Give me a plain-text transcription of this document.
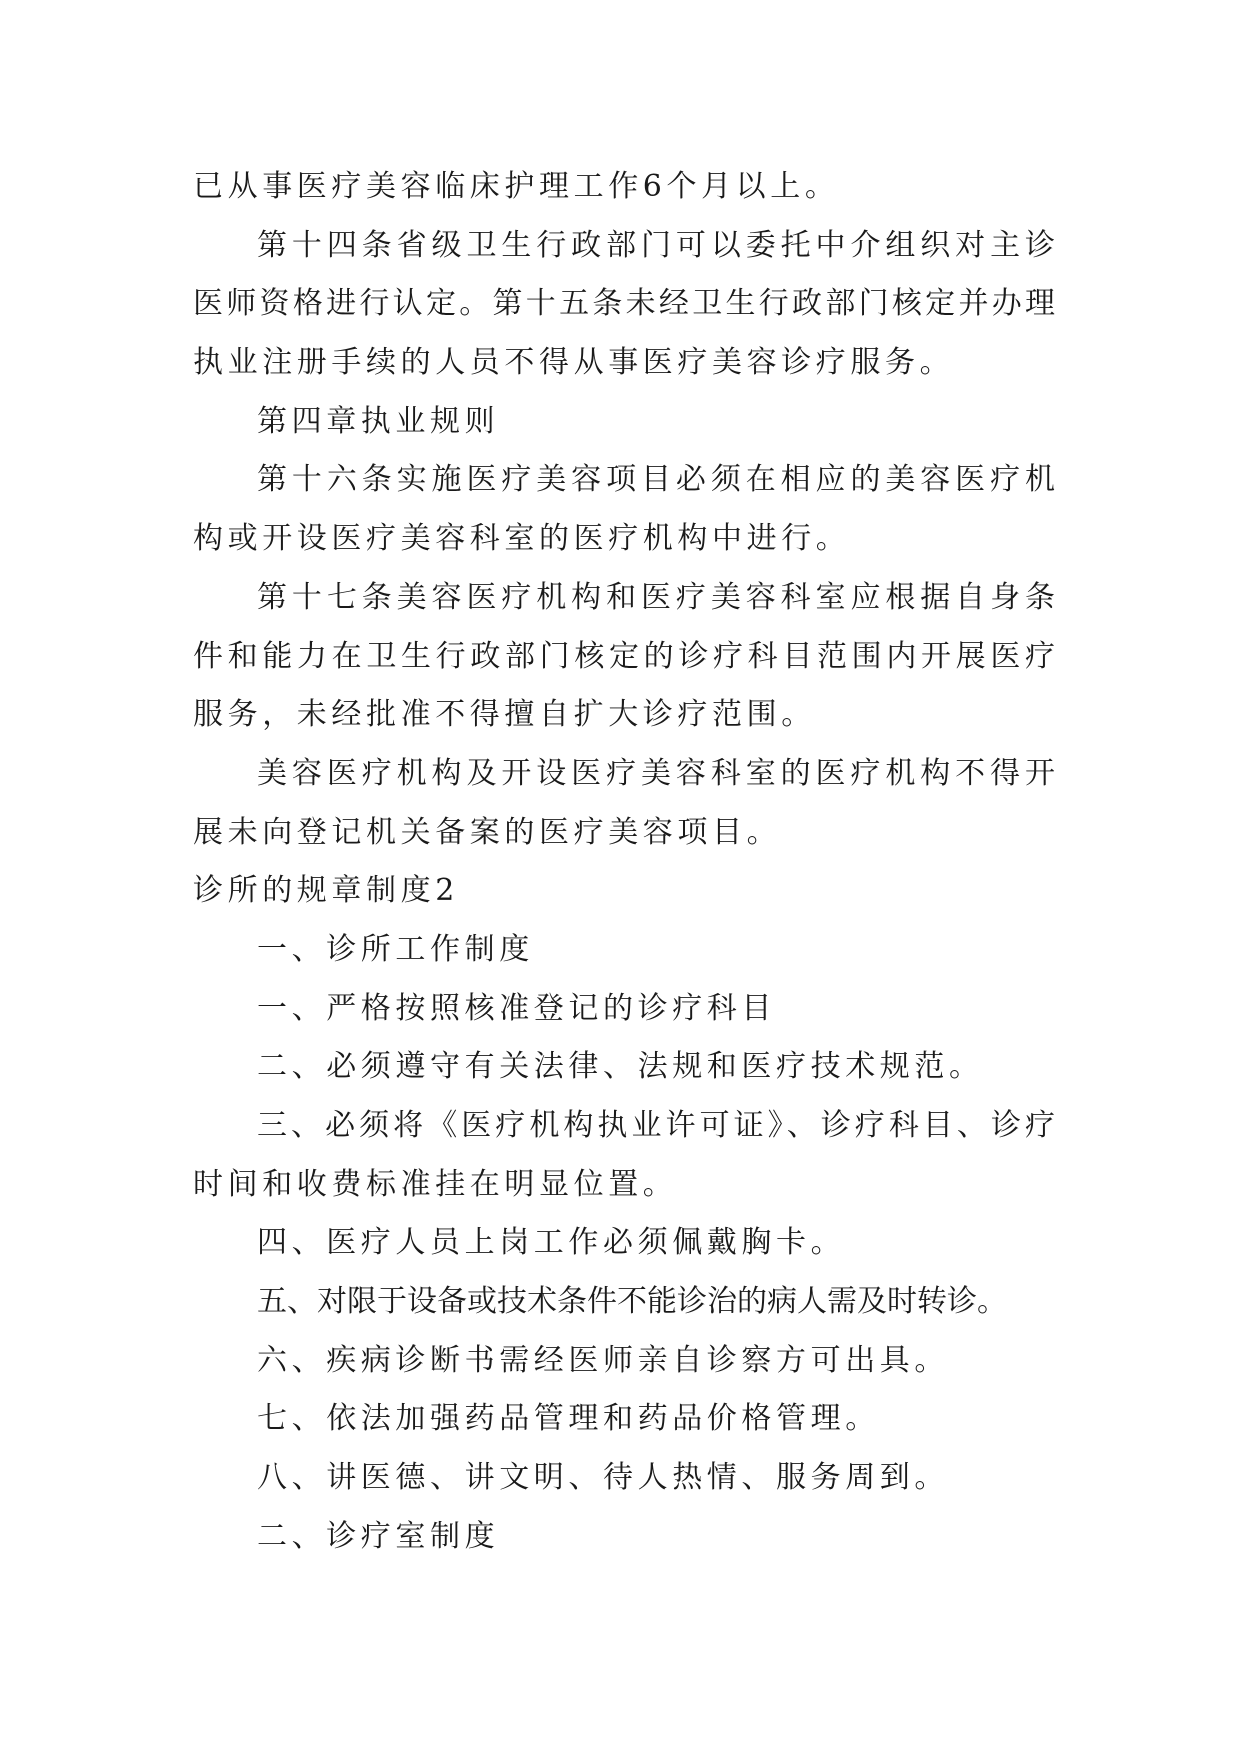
已从事医疗美容临床护理工作6个月以上。
第十四条省级卫生行政部门可以委托中介组织对主诊
医师资格进行认定。第十五条未经卫生行政部门核定并办理
执业注册手续的人员不得从事医疗美容诊疗服务。
第四章执业规则
第十六条实施医疗美容项目必须在相应的美容医疗机
构或开设医疗美容科室的医疗机构中进行。
第十七条美容医疗机构和医疗美容科室应根据自身条
件和能力在卫生行政部门核定的诊疗科目范围内开展医疗
服务，未经批准不得擅自扩大诊疗范围。
美容医疗机构及开设医疗美容科室的医疗机构不得开
展未向登记机关备案的医疗美容项目。
诊所的规章制度2
一、诊所工作制度
一、严格按照核准登记的诊疗科目
二、必须遵守有关法律、法规和医疗技术规范。
三、必须将《医疗机构执业许可证》、诊疗科目、诊疗
时间和收费标准挂在明显位置。
四、医疗人员上岗工作必须佩戴胸卡。
五、对限于设备或技术条件不能诊治的病人需及时转诊。
六、疾病诊断书需经医师亲自诊察方可出具。
七、依法加强药品管理和药品价格管理。
八、讲医德、讲文明、待人热情、服务周到。
二、诊疗室制度
